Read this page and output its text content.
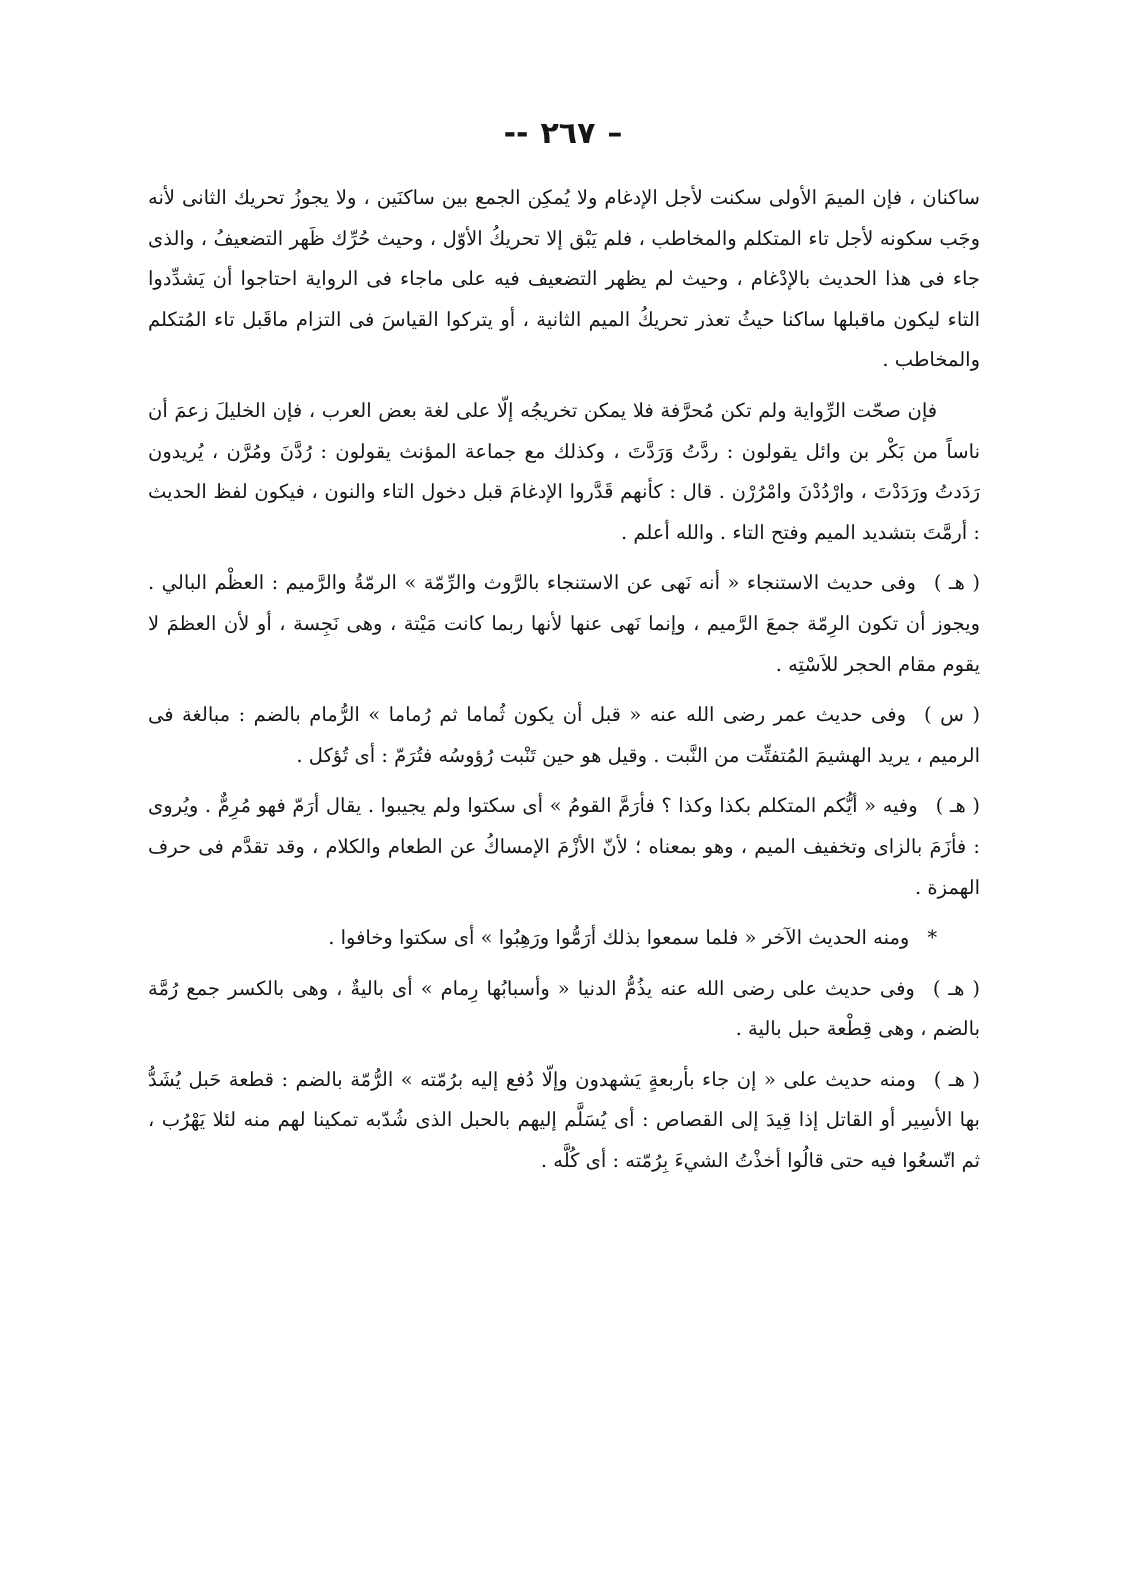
–٢٦٧--

ساكنان ، فإن الميمَ الأولى سكنت لأجل الإدغام ولا يُمكِن الجمع بين ساكنَين ، ولا يجوزُ تحريك الثانى لأنه وجَب سكونه لأجل تاء المتكلم والمخاطب ، فلم يَبْق إلا تحريكُ الأوّل ، وحيث حُرِّك ظَهر التضعيفُ ، والذى جاء فى هذا الحديث بالإدْغام ، وحيث لم يظهر التضعيف فيه على ماجاء فى الرواية احتاجوا أن يَشدِّدوا التاء ليكون ماقبلها ساكنا حيثُ تعذر تحريكُ الميم الثانية ، أو يتركوا القياسَ فى التزام ماقَبل تاء المُتكلم والمخاطب .

فإن صحّت الرِّواية ولم تكن مُحرَّفة فلا يمكن تخريجُه إلّا على لغة بعض العرب ، فإن الخليلَ زعمَ أن ناساً من بَكْر بن وائل يقولون : ردَّتُ وَرَدَّتَ ، وكذلك مع جماعة المؤنث يقولون : رُدَّنَ ومُرَّن ، يُريدون رَدَدتُ ورَدَدْتَ ، وارْدُدْنَ وامْرُرْن . قال : كأنهم قَدَّروا الإدغامَ قبل دخول التاء والنون ، فيكون لفظ الحديث : أرمَّتَ بتشديد الميم وفتح التاء . والله أعلم .

( هـ )وفى حديث الاستنجاء « أنه نَهى عن الاستنجاء بالرَّوث والرِّمّة » الرمّةُ والرَّميم : العظْم البالي . ويجوز أن تكون الرِمّة جمعَ الرَّميم ، وإنما نَهى عنها لأنها ربما كانت مَيْتة ، وهى نَجِسة ، أو لأن العظمَ لا يقوم مقام الحجر للاَسْتِه .

( س )وفى حديث عمر رضى الله عنه « قبل أن يكون ثُماما ثم رُماما » الرُّمام بالضم : مبالغة فى الرميم ، يريد الهشيمَ المُتفتِّت من النَّبت . وقيل هو حين تَنْبت رُؤوسُه فتُرَمّ : أى تُؤكل .

( هـ )وفيه « أيُّكم المتكلم بكذا وكذا ؟ فأرَمَّ القومُ » أى سكتوا ولم يجيبوا . يقال أرَمّ فهو مُرِمٌّ . ويُروى : فأزَمَ بالزاى وتخفيف الميم ، وهو بمعناه ؛ لأنّ الأزْمَ الإمساكُ عن الطعام والكلام ، وقد تقدَّم فى حرف الهمزة .

*ومنه الحديث الآخر « فلما سمعوا بذلك أرَمُّوا ورَهِبُوا » أى سكتوا وخافوا .

( هـ )وفى حديث على رضى الله عنه يذُمُّ الدنيا « وأسبابُها رِمام » أى باليةٌ ، وهى بالكسر جمع رُمَّة بالضم ، وهى قِطْعة حبل بالية .

( هـ )ومنه حديث على « إن جاء بأربعةٍ يَشهدون وإلّا دُفع إليه برُمّته » الرُّمّة بالضم : قطعة حَبل يُشَدُّ بها الأسِير أو القاتل إذا قِيدَ إلى القصاص : أى يُسَلَّم إليهم بالحبل الذى شُدّبه تمكينا لهم منه لئلا يَهْرُب ، ثم اتّسعُوا فيه حتى قالُوا أخذْتُ الشيءَ بِرُمّته : أى كُلَّه .
